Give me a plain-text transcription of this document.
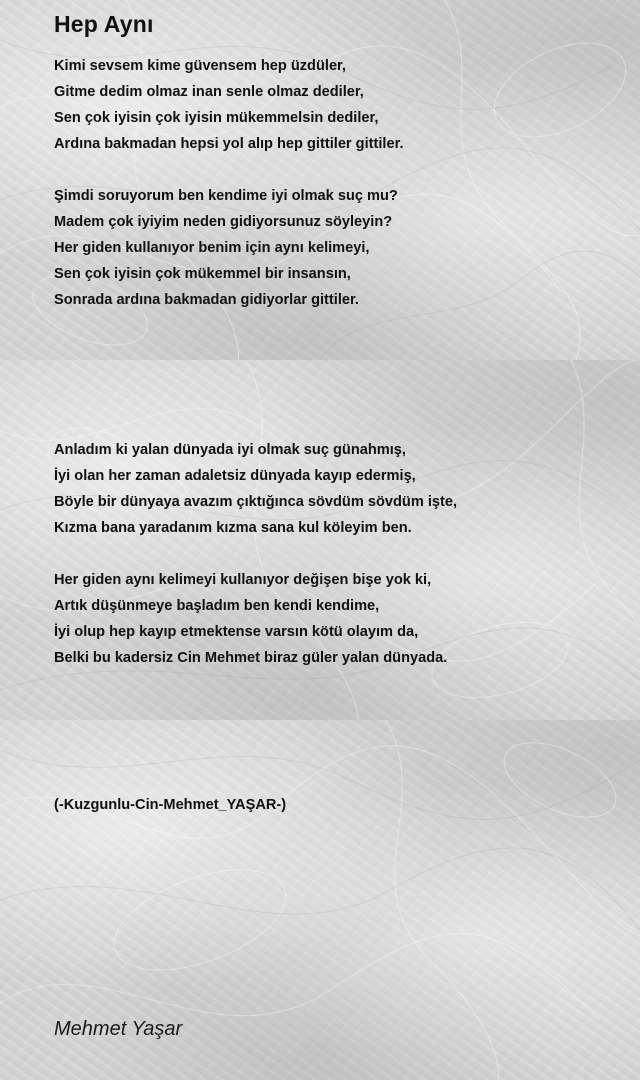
Hep Aynı
Kimi sevsem kime güvensem hep üzdüler,
Gitme dedim olmaz inan senle olmaz dediler,
Sen çok iyisin çok iyisin mükemmelsin dediler,
Ardına bakmadan hepsi yol alıp hep gittiler gittiler.
Şimdi soruyorum ben kendime iyi olmak suç mu?
Madem çok iyiyim neden gidiyorsunuz söyleyin?
Her giden kullanıyor benim için aynı kelimeyi,
Sen çok iyisin çok mükemmel bir insansın,
Sonrada ardına bakmadan gidiyorlar gittiler.
Anladım ki yalan dünyada iyi olmak suç günahmış,
İyi olan her zaman adaletsiz dünyada kayıp edermiş,
Böyle bir dünyaya avazım çıktığınca sövdüm sövdüm işte,
Kızma bana yaradanım kızma sana kul köleyim ben.
Her giden aynı kelimeyi kullanıyor değişen bişe yok ki,
Artık düşünmeye başladım ben kendi kendime,
İyi olup hep kayıp etmektense varsın kötü olayım da,
Belki bu kadersiz Cin Mehmet biraz güler yalan dünyada.
(-Kuzgunlu-Cin-Mehmet_YAŞAR-)
Mehmet Yaşar
